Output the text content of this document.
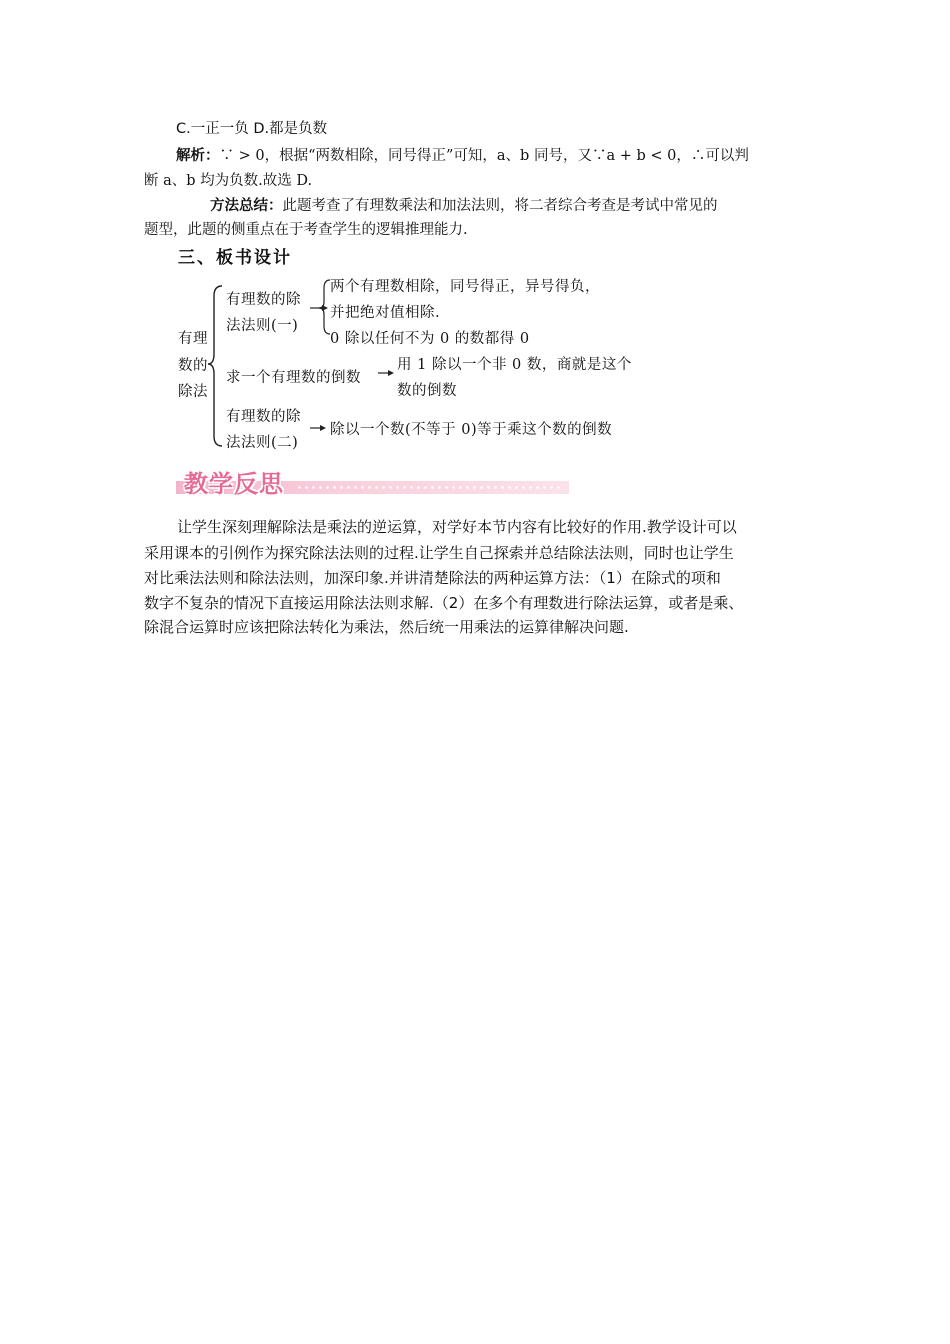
C.一正一负 D.都是负数
解析：∵ > 0，根据“两数相除，同号得正”可知，a、b 同号，又∵a + b < 0，∴可以判
断 a、b 均为负数.故选 D.
方法总结：此题考查了有理数乘法和加法法则，将二者综合考查是考试中常见的
题型，此题的侧重点在于考查学生的逻辑推理能力.
三、板书设计
有理
数的
除法
有理数的除
法法则(一)
两个有理数相除，同号得正，异号得负，
并把绝对值相除.
0 除以任何不为 0 的数都得 0
求一个有理数的倒数
用 1 除以一个非 0 数，商就是这个
数的倒数
有理数的除
法法则(二)
除以一个数(不等于 0)等于乘这个数的倒数
教学反思
让学生深刻理解除法是乘法的逆运算，对学好本节内容有比较好的作用.教学设计可以
采用课本的引例作为探究除法法则的过程.让学生自己探索并总结除法法则，同时也让学生
对比乘法法则和除法法则，加深印象.并讲清楚除法的两种运算方法：（1）在除式的项和
数字不复杂的情况下直接运用除法法则求解.（2）在多个有理数进行除法运算，或者是乘、
除混合运算时应该把除法转化为乘法，然后统一用乘法的运算律解决问题.
